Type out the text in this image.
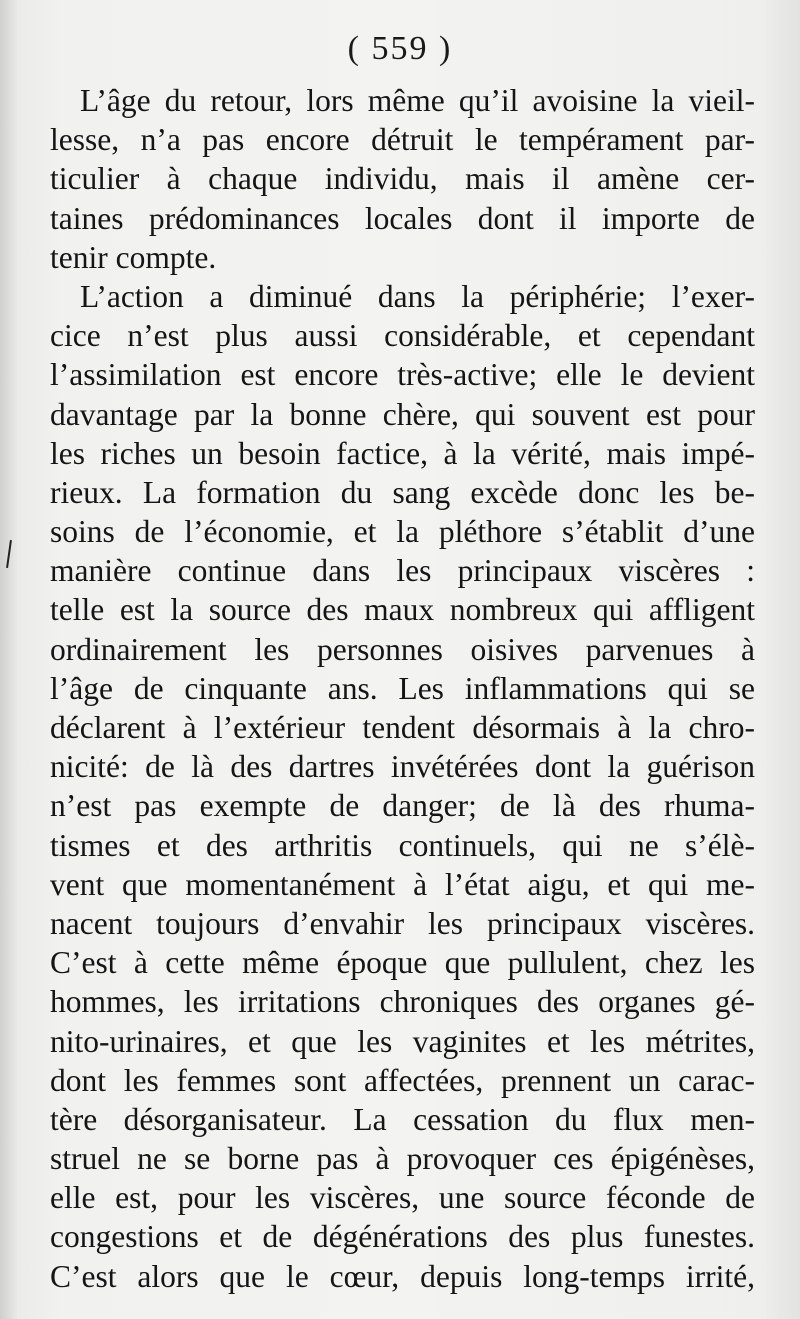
( 559 )
L’âge du retour, lors même qu’il avoisine la vieil-
lesse, n’a pas encore détruit le tempérament par-
ticulier à chaque individu, mais il amène cer-
taines prédominances locales dont il importe de
tenir compte.
L’action a diminué dans la périphérie; l’exer-
cice n’est plus aussi considérable, et cependant
l’assimilation est encore très-active; elle le devient
davantage par la bonne chère, qui souvent est pour
les riches un besoin factice, à la vérité, mais impé-
rieux. La formation du sang excède donc les be-
soins de l’économie, et la pléthore s’établit d’une
manière continue dans les principaux viscères :
telle est la source des maux nombreux qui affligent
ordinairement les personnes oisives parvenues à
l’âge de cinquante ans. Les inflammations qui se
déclarent à l’extérieur tendent désormais à la chro-
nicité: de là des dartres invétérées dont la guérison
n’est pas exempte de danger; de là des rhuma-
tismes et des arthritis continuels, qui ne s’élè-
vent que momentanément à l’état aigu, et qui me-
nacent toujours d’envahir les principaux viscères.
C’est à cette même époque que pullulent, chez les
hommes, les irritations chroniques des organes gé-
nito-urinaires, et que les vaginites et les métrites,
dont les femmes sont affectées, prennent un carac-
tère désorganisateur. La cessation du flux men-
struel ne se borne pas à provoquer ces épigénèses,
elle est, pour les viscères, une source féconde de
congestions et de dégénérations des plus funestes.
C’est alors que le cœur, depuis long-temps irrité,
